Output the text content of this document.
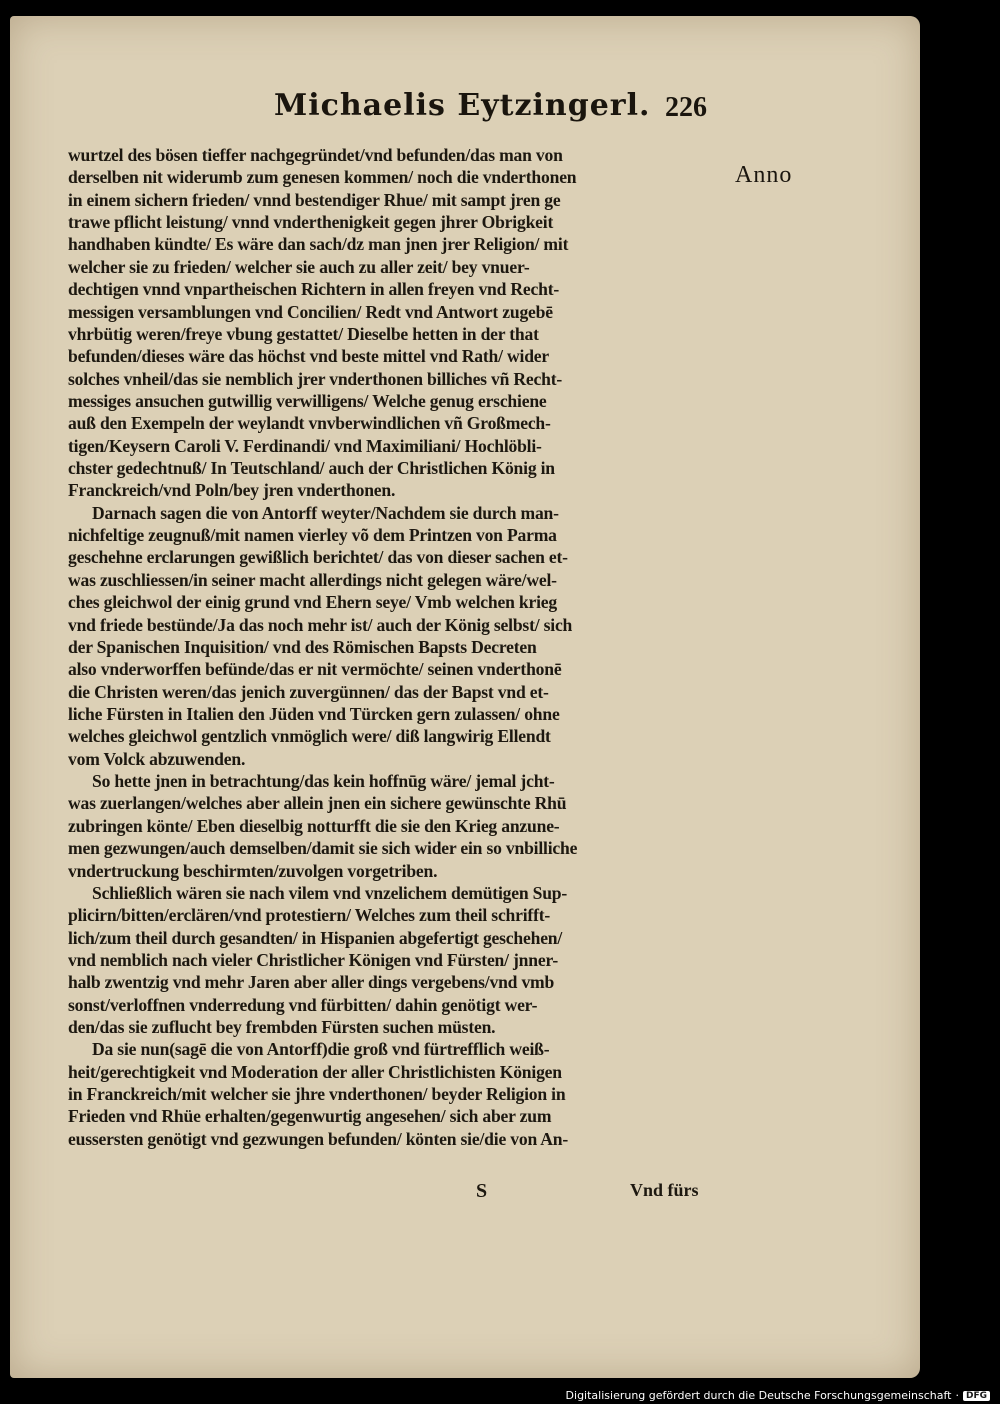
Michaelis Eytzingerl. 226
Anno
wurtzel des bösen tieffer nachgegründet/vnd befunden/das man von
derselben nit widerumb zum genesen kommen/ noch die vnderthonen
in einem sichern frieden/ vnnd bestendiger Rhue/ mit sampt jren ge
trawe pflicht leistung/ vnnd vnderthenigkeit gegen jhrer Obrigkeit
handhaben kündte/ Es wäre dan sach/dz man jnen jrer Religion/ mit
welcher sie zu frieden/ welcher sie auch zu aller zeit/ bey vnuer-
dechtigen vnnd vnpartheischen Richtern in allen freyen vnd Recht-
messigen versamblungen vnd Concilien/ Redt vnd Antwort zugebē
vhrbütig weren/freye vbung gestattet/ Dieselbe hetten in der that
befunden/dieses wäre das höchst vnd beste mittel vnd Rath/ wider
solches vnheil/das sie nemblich jrer vnderthonen billiches vñ Recht-
messiges ansuchen gutwillig verwilligens/ Welche genug erschiene
auß den Exempeln der weylandt vnvberwindlichen vñ Großmech-
tigen/Keysern Caroli V. Ferdinandi/ vnd Maximiliani/ Hochlöbli-
chster gedechtnuß/ In Teutschland/ auch der Christlichen König in
Franckreich/vnd Poln/bey jren vnderthonen.
Darnach sagen die von Antorff weyter/Nachdem sie durch man-
nichfeltige zeugnuß/mit namen vierley võ dem Printzen von Parma
geschehne erclarungen gewißlich berichtet/ das von dieser sachen et-
was zuschliessen/in seiner macht allerdings nicht gelegen wäre/wel-
ches gleichwol der einig grund vnd Ehern seye/ Vmb welchen krieg
vnd friede bestünde/Ja das noch mehr ist/ auch der König selbst/ sich
der Spanischen Inquisition/ vnd des Römischen Bapsts Decreten
also vnderworffen befünde/das er nit vermöchte/ seinen vnderthonē
die Christen weren/das jenich zuvergünnen/ das der Bapst vnd et-
liche Fürsten in Italien den Jüden vnd Türcken gern zulassen/ ohne
welches gleichwol gentzlich vnmöglich were/ diß langwirig Ellendt
vom Volck abzuwenden.
So hette jnen in betrachtung/das kein hoffnūg wäre/ jemal jcht-
was zuerlangen/welches aber allein jnen ein sichere gewünschte Rhū
zubringen könte/ Eben dieselbig notturfft die sie den Krieg anzune-
men gezwungen/auch demselben/damit sie sich wider ein so vnbilliche
vndertruckung beschirmten/zuvolgen vorgetriben.
Schließlich wären sie nach vilem vnd vnzelichem demütigen Sup-
plicirn/bitten/erclären/vnd protestiern/ Welches zum theil schrifft-
lich/zum theil durch gesandten/ in Hispanien abgefertigt geschehen/
vnd nemblich nach vieler Christlicher Königen vnd Fürsten/ jnner-
halb zwentzig vnd mehr Jaren aber aller dings vergebens/vnd vmb
sonst/verloffnen vnderredung vnd fürbitten/ dahin genötigt wer-
den/das sie zuflucht bey frembden Fürsten suchen müsten.
Da sie nun(sagē die von Antorff)die groß vnd fürtrefflich weiß-
heit/gerechtigkeit vnd Moderation der aller Christlichisten Königen
in Franckreich/mit welcher sie jhre vnderthonen/ beyder Religion in
Frieden vnd Rhüe erhalten/gegenwurtig angesehen/ sich aber zum
eussersten genötigt vnd gezwungen befunden/ könten sie/die von An-
S	Vnd fürs
Digitalisierung gefördert durch die Deutsche Forschungsgemeinschaft · DFG
